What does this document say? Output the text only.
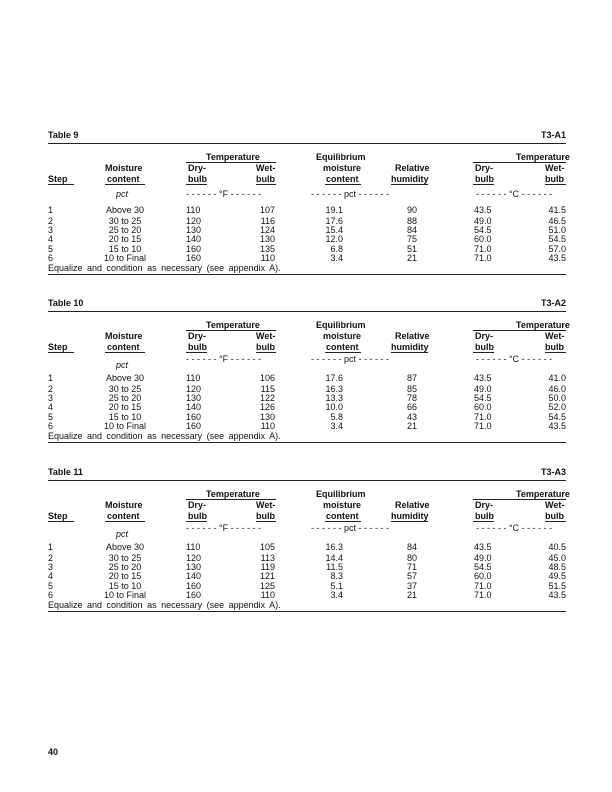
Table 9	T3-A1
Temperature	Equilibrium	Temperature
Moisture	Dry-	Wet-	moisture	Relative	Dry-	Wet-
Step	content	bulb	bulb	content	humidity	bulb	bulb
pct	- - - - - - °F - - - - - -	- - - - - - pct - - - - - -	- - - - - - °C - - - - - -
1	Above 30	110	107	19.1	90	43.5	41.5
2	30 to 25	120	116	17.6	88	49.0	46.5
3	25 to 20	130	124	15.4	84	54.5	51.0
4	20 to 15	140	130	12.0	75	60.0	54.5
5	15 to 10	160	135	6.8	51	71.0	57.0
6	10 to Final	160	110	3.4	21	71.0	43.5
Equalize and condition as necessary (see appendix A).
Table 10	T3-A2
Temperature	Equilibrium	Temperature
Moisture	Dry-	Wet-	moisture	Relative	Dry-	Wet-
Step	content	bulb	bulb	content	humidity	bulb	bulb
pct
- - - - - - °F - - - - - -	- - - - - - pct - - - - - -	- - - - - - °C - - - - - -
1	Above 30	110	106	17.6	87	43.5	41.0
2	30 to 25	120	115	16.3	85	49.0	46.0
3	25 to 20	130	122	13.3	78	54.5	50.0
4	20 to 15	140	126	10.0	66	60.0	52.0
5	15 to 10	160	130	5.8	43	71.0	54.5
6	10 to Final	160	110	3.4	21	71.0	43.5
Equalize and condition as necessary (see appendix A).
Table 11	T3-A3
Temperature	Equilibrium	Temperature
Moisture	Dry-	Wet-	moisture	Relative	Dry-	Wet-
Step	content	bulb	bulb	content	humidity	bulb	bulb
pct
- - - - - - °F - - - - - -	- - - - - - pct - - - - - -	- - - - - - °C - - - - - -
1	Above 30	110	105	16.3	84	43.5	40.5
2	30 to 25	120	113	14.4	80	49.0	45.0
3	25 to 20	130	119	11.5	71	54.5	48.5
4	20 to 15	140	121	8.3	57	60.0	49.5
5	15 to 10	160	125	5.1	37	71.0	51.5
6	10 to Final	160	110	3.4	21	71.0	43.5
Equalize and condition as necessary (see appendix A).
40
